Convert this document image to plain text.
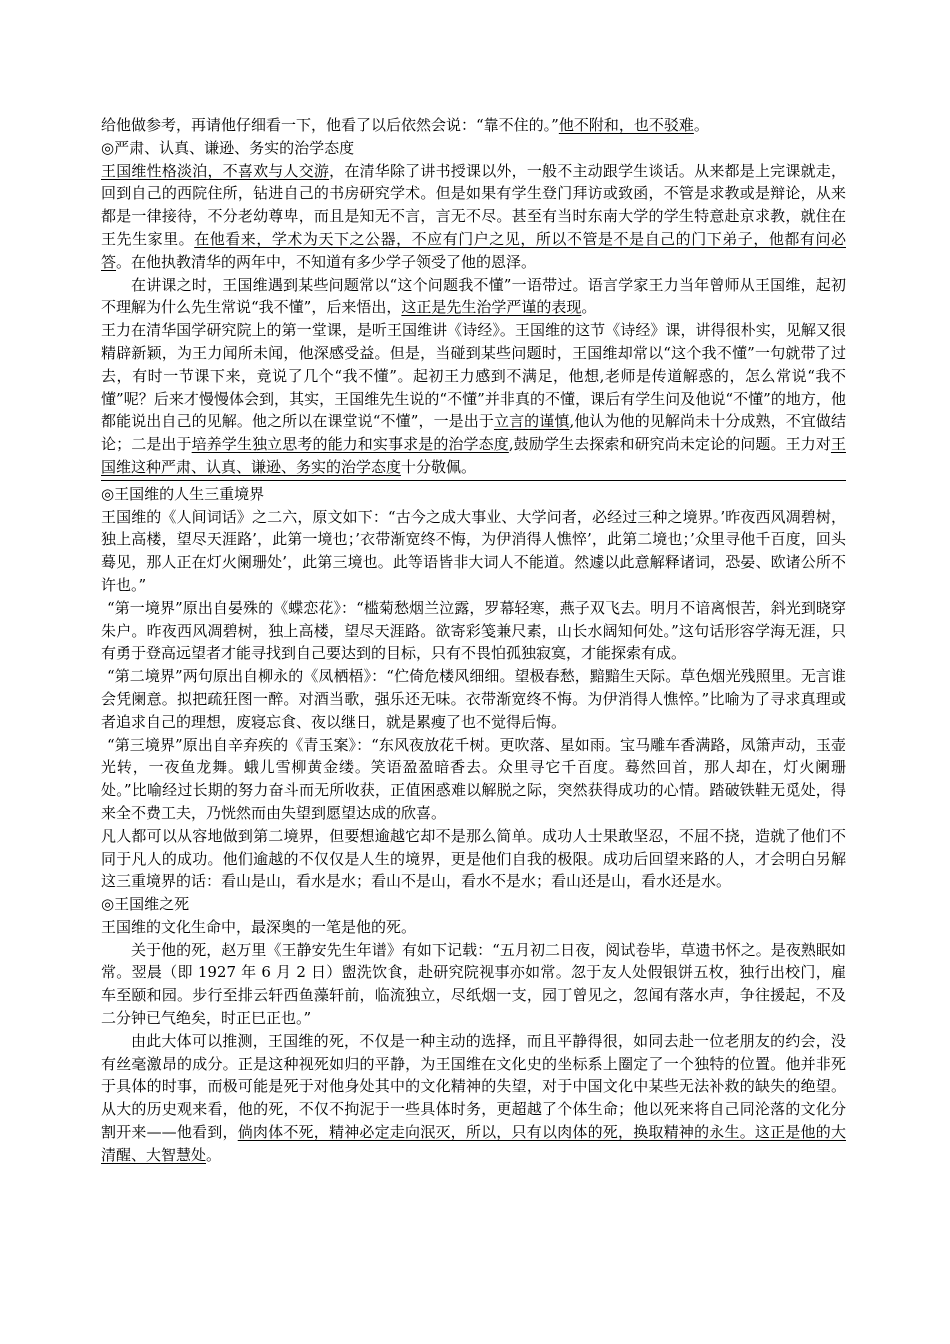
给他做参考，再请他仔细看一下，他看了以后依然会说：“靠不住的。”他不附和，也不驳难。

◎严肃、认真、谦逊、务实的治学态度

王国维性格淡泊，不喜欢与人交游，在清华除了讲书授课以外，一般不主动跟学生谈话。从来都是上完课就走，回到自己的西院住所，钻进自己的书房研究学术。但是如果有学生登门拜访或致函，不管是求教或是辩论，从来都是一律接待，不分老幼尊卑，而且是知无不言，言无不尽。甚至有当时东南大学的学生特意赴京求教，就住在王先生家里。在他看来，学术为天下之公器，不应有门户之见，所以不管是不是自己的门下弟子，他都有问必答。在他执教清华的两年中，不知道有多少学子领受了他的恩泽。

在讲课之时，王国维遇到某些问题常以“这个问题我不懂”一语带过。语言学家王力当年曾师从王国维，起初不理解为什么先生常说“我不懂”，后来悟出，这正是先生治学严谨的表现。

王力在清华国学研究院上的第一堂课，是听王国维讲《诗经》。王国维的这节《诗经》课，讲得很朴实，见解又很精辟新颖，为王力闻所未闻，他深感受益。但是，当碰到某些问题时，王国维却常以“这个我不懂”一句就带了过去，有时一节课下来，竟说了几个“我不懂”。起初王力感到不满足，他想,老师是传道解惑的，怎么常说“我不懂”呢？后来才慢慢体会到，其实，王国维先生说的“不懂”并非真的不懂，课后有学生问及他说“不懂”的地方，他都能说出自己的见解。他之所以在课堂说“不懂”，一是出于立言的谨慎,他认为他的见解尚未十分成熟，不宜做结论；二是出于培养学生独立思考的能力和实事求是的治学态度,鼓励学生去探索和研究尚未定论的问题。王力对王国维这种严肃、认真、谦逊、务实的治学态度十分敬佩。

◎王国维的人生三重境界

王国维的《人间词话》之二六，原文如下：“古今之成大事业、大学问者，必经过三种之境界。’昨夜西风凋碧树，独上高楼，望尽天涯路’，此第一境也；’衣带渐宽终不悔，为伊消得人憔悴’，此第二境也；’众里寻他千百度，回头蓦见，那人正在灯火阑珊处’，此第三境也。此等语皆非大词人不能道。然遽以此意解释诸词，恐晏、欧诸公所不许也。”

“第一境界”原出自晏殊的《蝶恋花》：“槛菊愁烟兰泣露，罗幕轻寒，燕子双飞去。明月不谙离恨苦，斜光到晓穿朱户。昨夜西风凋碧树，独上高楼，望尽天涯路。欲寄彩笺兼尺素，山长水阔知何处。”这句话形容学海无涯，只有勇于登高远望者才能寻找到自己要达到的目标，只有不畏怕孤独寂寞，才能探索有成。

“第二境界”两句原出自柳永的《凤栖梧》：“伫倚危楼风细细。望极春愁，黯黯生天际。草色烟光残照里。无言谁会凭阑意。拟把疏狂图一醉。对酒当歌，强乐还无味。衣带渐宽终不悔。为伊消得人憔悴。”比喻为了寻求真理或者追求自己的理想，废寝忘食、夜以继日，就是累瘦了也不觉得后悔。

“第三境界”原出自辛弃疾的《青玉案》：“东风夜放花千树。更吹落、星如雨。宝马雕车香满路，凤箫声动，玉壶光转，一夜鱼龙舞。蛾儿雪柳黄金缕。笑语盈盈暗香去。众里寻它千百度。蓦然回首，那人却在，灯火阑珊处。”比喻经过长期的努力奋斗而无所收获，正值困惑难以解脱之际，突然获得成功的心情。踏破铁鞋无觅处，得来全不费工夫，乃恍然而由失望到愿望达成的欣喜。

凡人都可以从容地做到第二境界，但要想逾越它却不是那么简单。成功人士果敢坚忍，不屈不挠，造就了他们不同于凡人的成功。他们逾越的不仅仅是人生的境界，更是他们自我的极限。成功后回望来路的人，才会明白另解这三重境界的话：看山是山，看水是水；看山不是山，看水不是水；看山还是山，看水还是水。

◎王国维之死

王国维的文化生命中，最深奥的一笔是他的死。

关于他的死，赵万里《王静安先生年谱》有如下记载：“五月初二日夜，阅试卷毕，草遗书怀之。是夜熟眠如常。翌晨（即 1927 年 6 月 2 日）盥洗饮食，赴研究院视事亦如常。忽于友人处假银饼五枚，独行出校门，雇车至颐和园。步行至排云轩西鱼藻轩前，临流独立，尽纸烟一支，园丁曾见之，忽闻有落水声，争往援起，不及二分钟已气绝矣，时正巳正也。”

由此大体可以推测，王国维的死，不仅是一种主动的选择，而且平静得很，如同去赴一位老朋友的约会，没有丝毫激昂的成分。正是这种视死如归的平静，为王国维在文化史的坐标系上圈定了一个独特的位置。他并非死于具体的时事，而极可能是死于对他身处其中的文化精神的失望，对于中国文化中某些无法补救的缺失的绝望。从大的历史观来看，他的死，不仅不拘泥于一些具体时务，更超越了个体生命；他以死来将自己同沦落的文化分割开来——他看到，倘肉体不死，精神必定走向泯灭，所以，只有以肉体的死，换取精神的永生。这正是他的大清醒、大智慧处。
